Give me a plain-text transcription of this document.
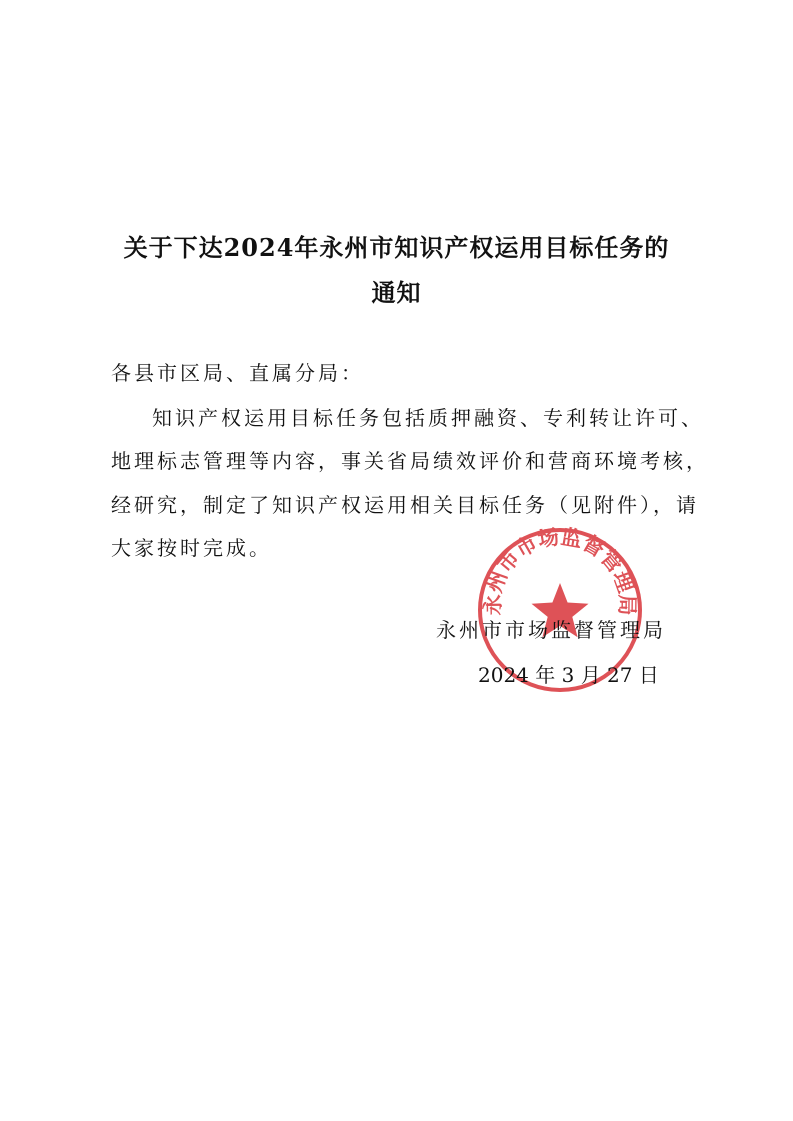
关于下达2024年永州市知识产权运用目标任务的
通知
各县市区局、直属分局：
知识产权运用目标任务包括质押融资、专利转让许可、
地理标志管理等内容，事关省局绩效评价和营商环境考核，
经研究，制定了知识产权运用相关目标任务（见附件），请
大家按时完成。
永州市市场监督管理局
永州市市场监督管理局
2024 年 3 月 27 日
